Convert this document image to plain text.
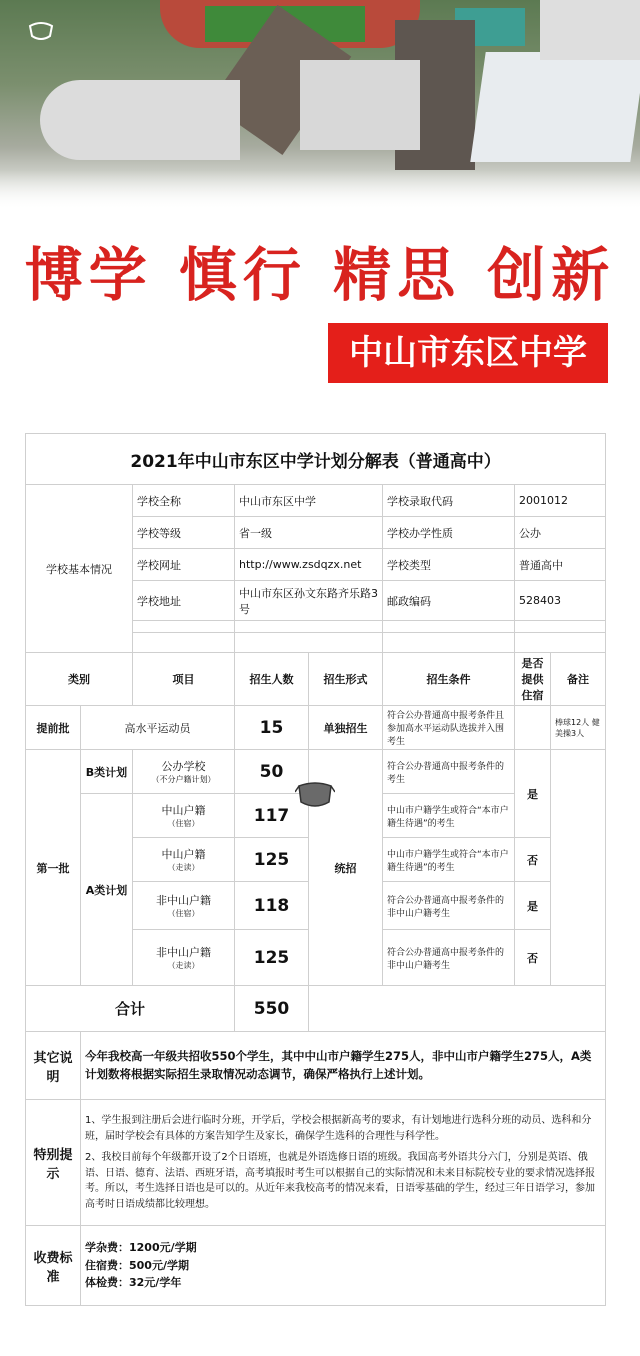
博学 慎行 精思 创新
中山市东区中学
2021年中山市东区中学计划分解表（普通高中）							
学校基本情况		学校全称	中山市东区中学		学校录取代码	2001012	
		学校等级	省一级		学校办学性质	公办	
		学校网址	http://www.zsdqzx.net		学校类型	普通高中	
		学校地址	中山市东区孙文东路齐乐路3号		邮政编码	528403	

类别		项目	招生人数	招生形式	招生条件	是否提供住宿	备注
提前批	高水平运动员		15	单独招生	符合公办普通高中报考条件且参加高水平运动队选拔并入围考生		棒球12人 健美操3人
第一批	B类计划	公办学校
（不分户籍计划）	50	统招	符合公办普通高中报考条件的考生	是	
	A类计划	中山户籍
（住宿）	117		中山市户籍学生或符合“本市户籍生待遇”的考生		
		中山户籍
（走读）	125		中山市户籍学生或符合“本市户籍生待遇”的考生	否	
		非中山户籍
（住宿）	118		符合公办普通高中报考条件的非中山户籍考生	是	
		非中山户籍
（走读）	125		符合公办普通高中报考条件的非中山户籍考生	否	
合计			550				
其它说明	今年我校高一年级共招收550个学生，其中中山市户籍学生275人，非中山市户籍学生275人，A类计划数将根据实际招生录取情况动态调节，确保严格执行上述计划。						
特别提示	1、学生报到注册后会进行临时分班，开学后，学校会根据新高考的要求，有计划地进行选科分班的动员、选科和分班，届时学校会有具体的方案告知学生及家长，确保学生选科的合理性与科学性。
2、我校目前每个年级都开设了2个日语班，也就是外语选修日语的班级。我国高考外语共分六门，分别是英语、俄语、日语、德育、法语、西班牙语，高考填报时考生可以根据自己的实际情况和未来目标院校专业的要求情况选择报考。所以，考生选择日语也是可以的。从近年来我校高考的情况来看，日语零基础的学生，经过三年日语学习，参加高考时日语成绩都比较理想。						

收费标准	学杂费：1200元/学期
住宿费：500元/学期
体检费：32元/学年						
